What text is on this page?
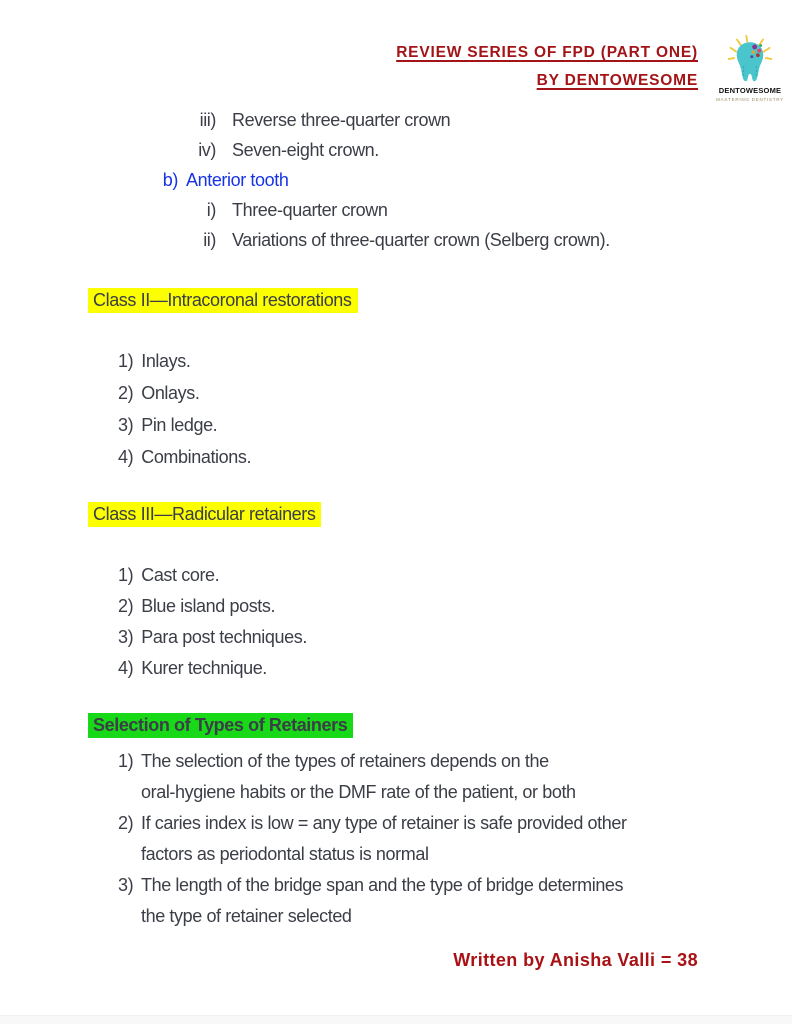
REVIEW SERIES OF FPD (PART ONE)
BY DENTOWESOME
DENTOWESOME
MASTERING DENTISTRY
iii) Reverse three-quarter crown
iv) Seven-eight crown.
b) Anterior tooth
i) Three-quarter crown
ii) Variations of three-quarter crown (Selberg crown).
Class II—Intracoronal restorations
1) Inlays.
2) Onlays.
3) Pin ledge.
4) Combinations.
Class III—Radicular retainers
1) Cast core.
2) Blue island posts.
3) Para post techniques.
4) Kurer technique.
Selection of Types of Retainers
1) The selection of the types of retainers depends on the
oral-hygiene habits or the DMF rate of the patient, or both
2) If caries index is low = any type of retainer is safe provided other
factors as periodontal status is normal
3) The length of the bridge span and the type of bridge determines
the type of retainer selected
Written by Anisha Valli = 38
